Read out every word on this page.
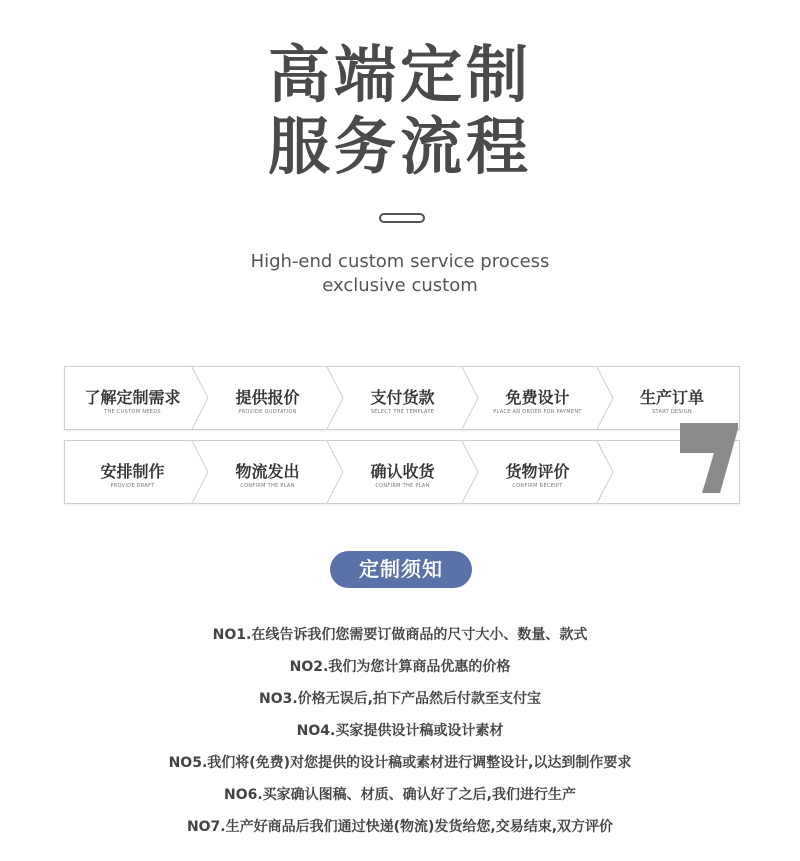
高端定制
服务流程
High-end custom service process
exclusive custom
了解定制需求
THE CUSTOM NEEDS
提供报价
PROVIDE QUOTATION
支付货款
SELECT THE TEMPLATE
免费设计
PLACE AN ORDER FOR PAYMENT
生产订单
START DESIGN
安排制作
PROVIDE DRAFT
物流发出
CONFIRM THE PLAN
确认收货
CONFIRM THE PLAN
货物评价
CONFIRM RECEIPT
定制须知
NO1.在线告诉我们您需要订做商品的尺寸大小、数量、款式
NO2.我们为您计算商品优惠的价格
NO3.价格无误后,拍下产品然后付款至支付宝
NO4.买家提供设计稿或设计素材
NO5.我们将(免费)对您提供的设计稿或素材进行调整设计,以达到制作要求
NO6.买家确认图稿、材质、确认好了之后,我们进行生产
NO7.生产好商品后我们通过快递(物流)发货给您,交易结束,双方评价
